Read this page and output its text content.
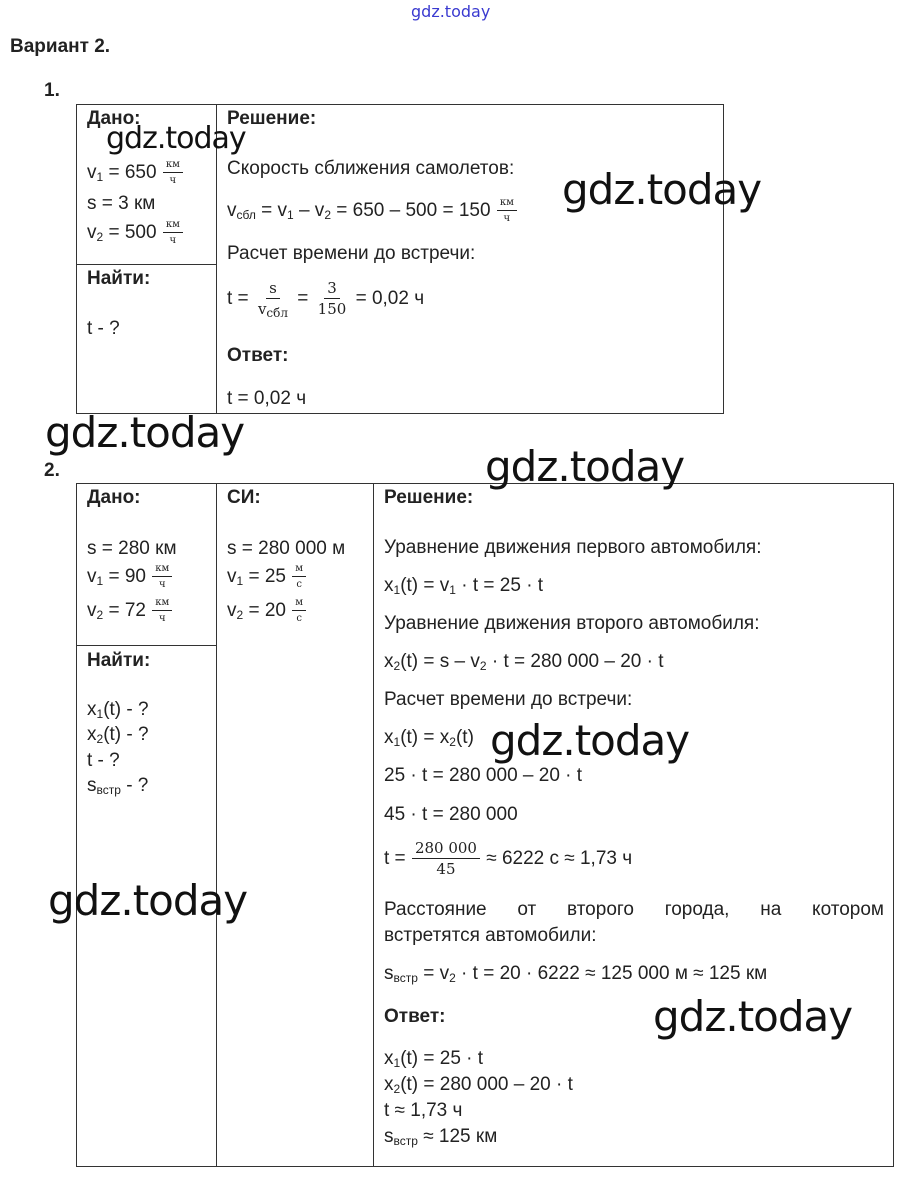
gdz.today
Вариант 2.
1.
Дано:
$v_1 = 650 \frac{км}{ч}$
s = 3 км
$v_2 = 500 \frac{км}{ч}$
Найти:
t - ?
Решение:
Скорость сближения самолетов:
$v_{сбл} = v_1 - v_2 = 650 - 500 = 150 \frac{км}{ч}$
Расчет времени до встречи:
$t = \frac{s}{v_{сбл}} = \frac{3}{150} = 0,02$ ч
Ответ:
t = 0,02 ч
2.
Дано:
s = 280 км
$v_1 = 90 \frac{км}{ч}$
$v_2 = 72 \frac{км}{ч}$
СИ:
s = 280 000 м
$v_1 = 25 \frac{м}{с}$
$v_2 = 20 \frac{м}{с}$
Найти:
$x_1(t)$ - ?
$x_2(t)$ - ?
t - ?
$s_{встр}$ - ?
Решение:
Уравнение движения первого автомобиля:
$x_1(t) = v_1 \cdot t = 25 \cdot t$
Уравнение движения второго автомобиля:
$x_2(t) = s - v_2 \cdot t = 280$ 000 – 20 · t
Расчет времени до встречи:
$x_1(t) = x_2(t)$
25 · t = 280 000 – 20 · t
45 · t = 280 000
$t = \frac{280 000}{45} \approx 6222$ с ≈ 1,73 ч
Расстояние от второго города, на котором
встретятся автомобили:
$s_{встр} = v_2 \cdot t = 20 \cdot 6222 \approx 125$ 000 м ≈ 125 км
Ответ:
$x_1(t) = 25 \cdot t$
$x_2(t) = 280$ 000 – 20 · t
t ≈ 1,73 ч
$s_{встр} \approx 125$ км
gdz.today
gdz.today
gdz.today
gdz.today
gdz.today
gdz.today
gdz.today
